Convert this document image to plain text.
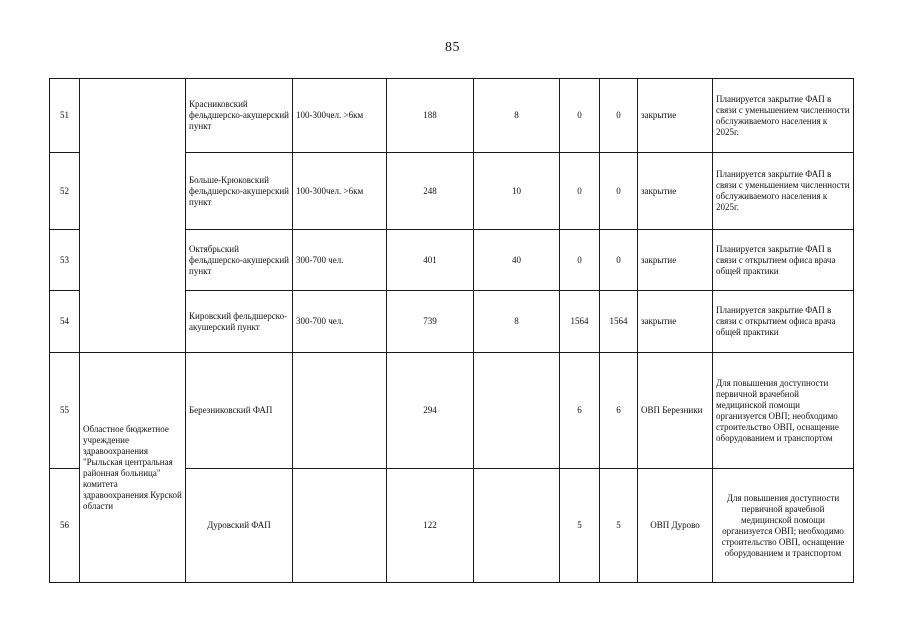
85
51		Красниковский фельдшерско-акушерский пункт	100-300чел. >6км	188	8	0	0	закрытие	Планируется закрытие ФАП в связи с уменьшением численности обслуживаемого населения к 2025г.
52		Больше-Крюковский фельдшерско-акушерский пункт	100-300чел. >6км	248	10	0	0	закрытие	Планируется закрытие ФАП в связи с уменьшением численности обслуживаемого населения к 2025г.
53		Октябрьский фельдшерско-акушерский пункт	300-700 чел.	401	40	0	0	закрытие	Планируется закрытие ФАП в связи с открытием офиса врача общей практики
54		Кировский фельдшерско-акушерский пункт	300-700 чел.	739	8	1564	1564	закрытие	Планируется закрытие ФАП в связи с открытием офиса врача общей практики
55	Областное бюджетное учреждение здравоохранения "Рыльская центральная районная больница" комитета здравоохранения Курской области	Березниковский ФАП		294		6	6	ОВП Березники	Для повышения доступности первичной врачебной медицинской помощи организуется ОВП; необходимо строительство ОВП, оснащение оборудованием и транспортом
56		Дуровский ФАП		122		5	5	ОВП Дурово	Для повышения доступности первичной врачебной медицинской помощи организуется ОВП; необходимо строительство ОВП, оснащение оборудованием и транспортом
